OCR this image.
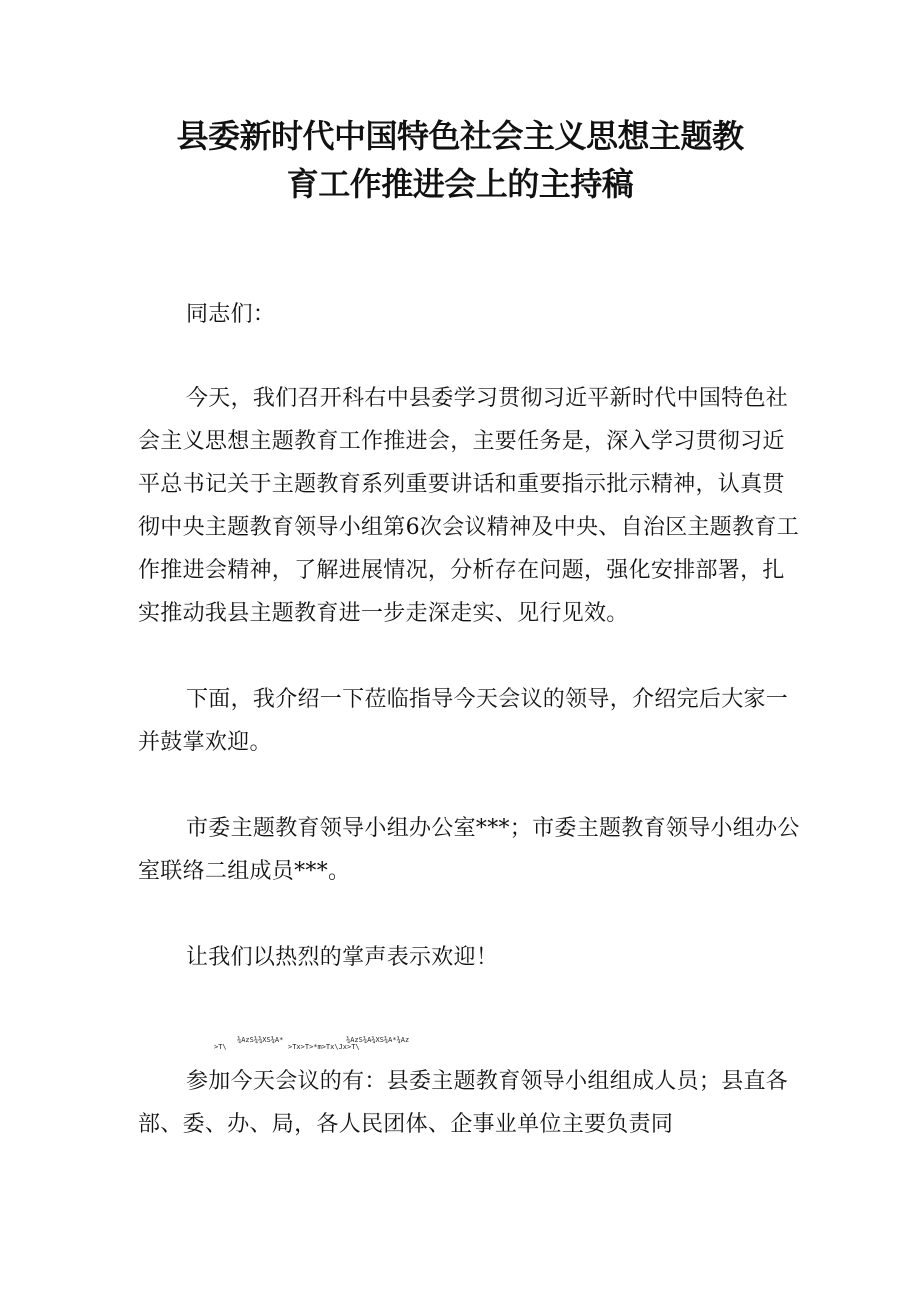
县委新时代中国特色社会主义思想主题教
育工作推进会上的主持稿

同志们：

今天，我们召开科右中县委学习贯彻习近平新时代中国特色社会主义思想主题教育工作推进会，主要任务是，深入学习贯彻习近平总书记关于主题教育系列重要讲话和重要指示批示精神，认真贯彻中央主题教育领导小组第6次会议精神及中央、自治区主题教育工作推进会精神，了解进展情况，分析存在问题，强化安排部署，扎实推动我县主题教育进一步走深走实、见行见效。

下面，我介绍一下莅临指导今天会议的领导，介绍完后大家一并鼓掌欢迎。

市委主题教育领导小组办公室***；市委主题教育领导小组办公室联络二组成员***。

让我们以热烈的掌声表示欢迎！

>T\
¾AzS¾¾XS¾A*
>Tx>T>*m>Tx\Jx>T\
¾AzS¾A¾XS¾A*¾Az

参加今天会议的有：县委主题教育领导小组组成人员；县直各部、委、办、局，各人民团体、企事业单位主要负责同
